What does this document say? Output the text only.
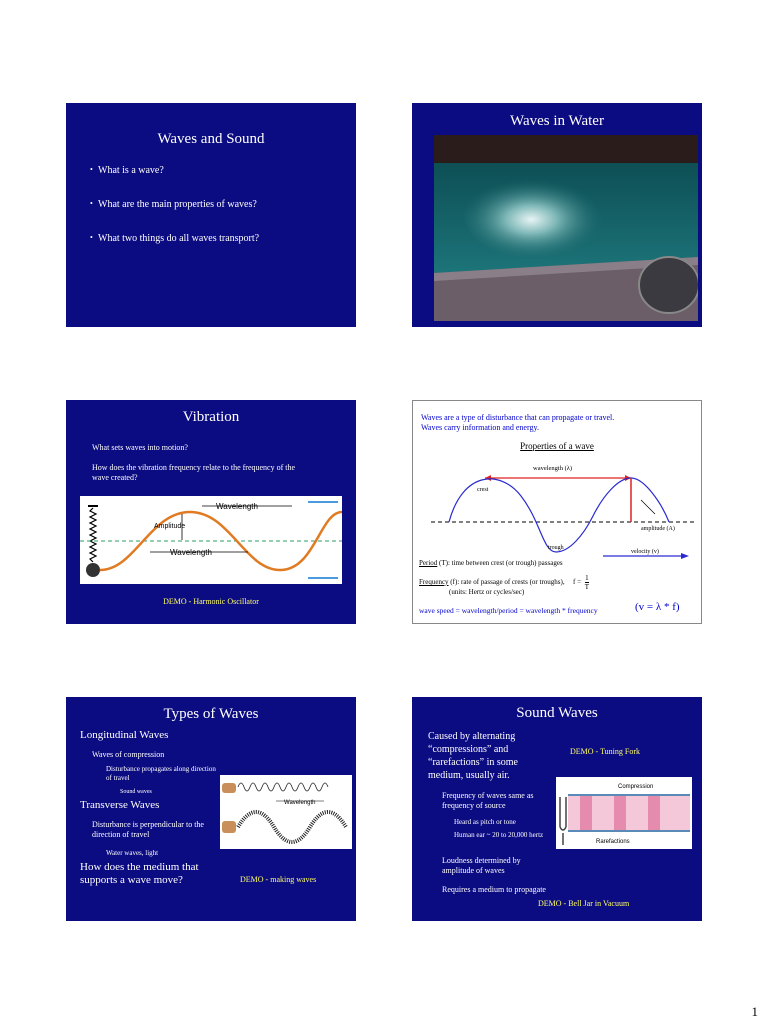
Waves and Sound
• What is a wave?
• What are the main properties of waves?
• What two things do all waves transport?
Waves in Water
Vibration
What sets waves into motion?
How does the vibration frequency relate to the frequency of the wave created?
Wavelength
Amplitude
Wavelength
DEMO - Harmonic Oscillator
Waves are a type of disturbance that can propagate or travel.
Waves carry information and energy.
Properties of a wave
wavelength (λ)
crest
trough
amplitude (A)
velocity (v)
Period (T): time between crest (or trough) passages
Frequency (f): rate of passage of crests (or troughs), $f = \frac{1}{T}$
(units: Hertz or cycles/sec)
wave speed = wavelength/period = wavelength * frequency	(v = λ * f)
Types of Waves
Longitudinal Waves
Waves of compression
Disturbance propagates along direction of travel
Sound waves
Transverse Waves
Disturbance is perpendicular to the direction of travel
Water waves, light
How does the medium that supports a wave move?
Wavelength
DEMO - making waves
Sound Waves
Caused by alternating “compressions” and “rarefactions” in some medium, usually air.
DEMO - Tuning Fork
Frequency of waves same as frequency of source
Heard as pitch or tone
Human ear ~ 20 to 20,000 hertz
Loudness determined by amplitude of waves
Requires a medium to propagate
DEMO - Bell Jar in Vacuum
Compression
Rarefactions
1
